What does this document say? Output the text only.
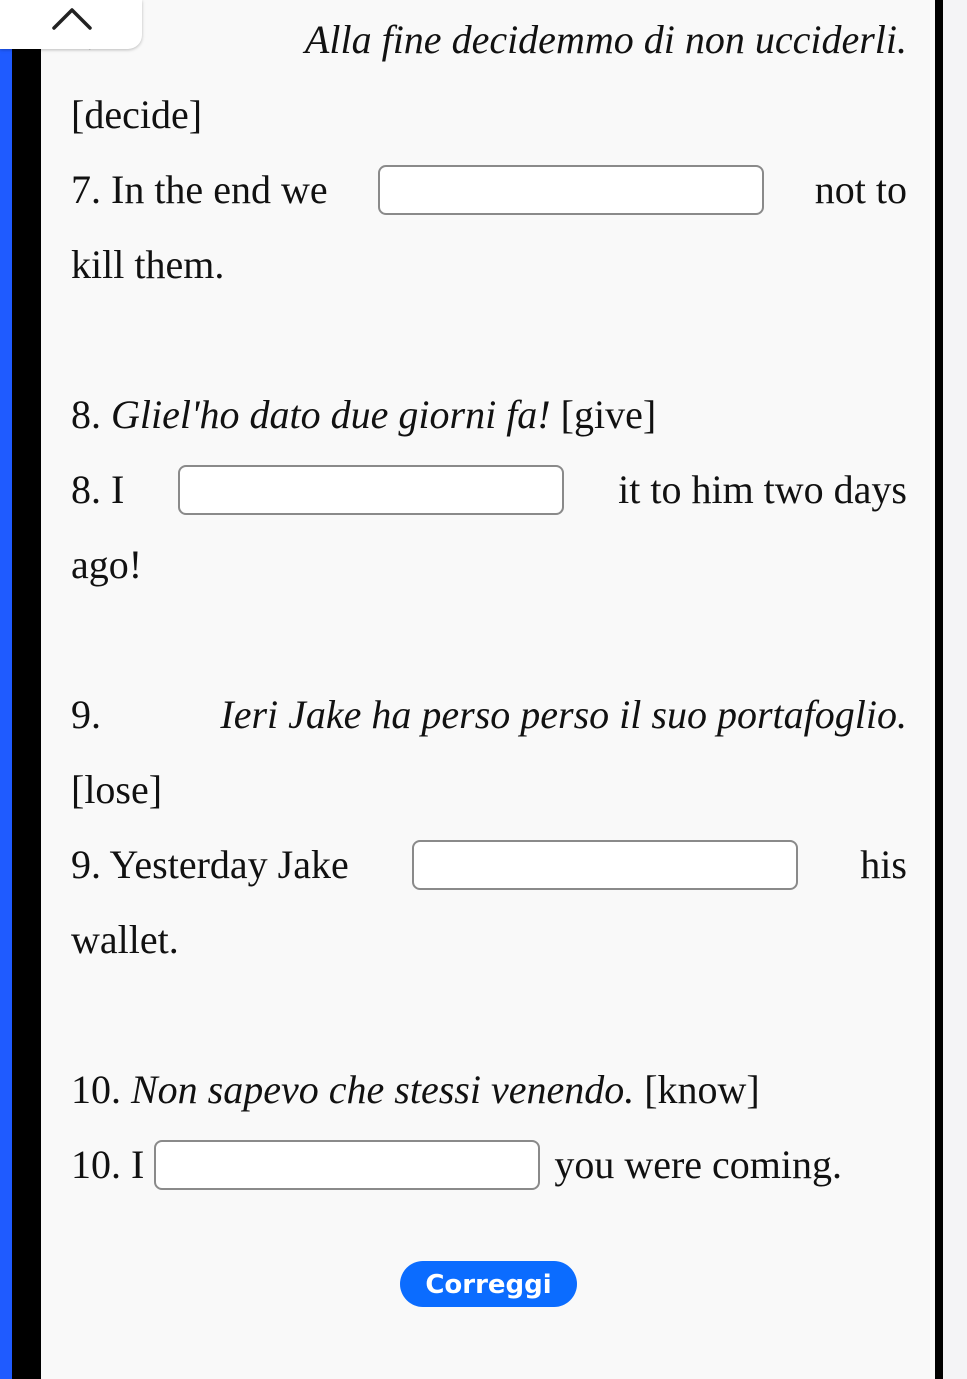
Alla fine decidemmo di non ucciderli.
[decide]
7. In the end we	not to
kill them.
8. Gliel'ho dato due giorni fa! [give]
8. I	it to him two days
ago!
9.	Ieri Jake ha perso perso il suo portafoglio.
[lose]
9. Yesterday Jake	his
wallet.
10. Non sapevo che stessi venendo. [know]
10. I	you were coming.
Correggi
